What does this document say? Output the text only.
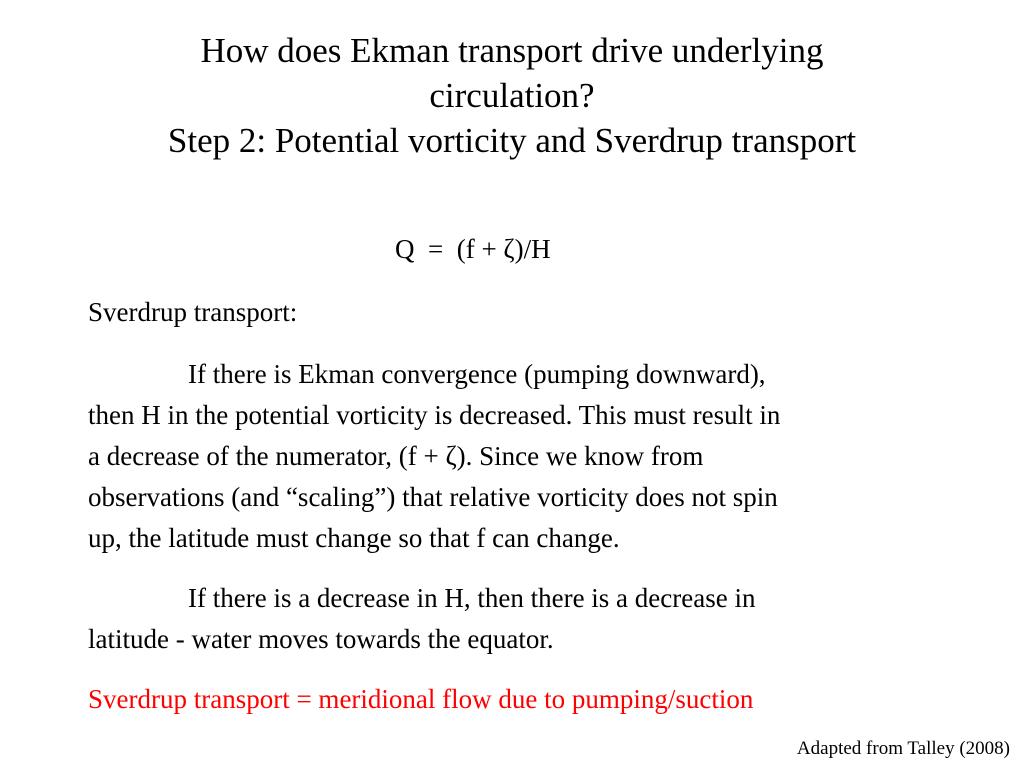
How does Ekman transport drive underlying
circulation?
Step 2: Potential vorticity and Sverdrup transport
Q  =  (f + ζ)/H
Sverdrup transport:
If there is Ekman convergence (pumping downward),
then H in the potential vorticity is decreased. This must result in
a decrease of the numerator, (f + ζ). Since we know from
observations (and “scaling”) that relative vorticity does not spin
up, the latitude must change so that f can change.
If there is a decrease in H, then there is a decrease in
latitude - water moves towards the equator.
Sverdrup transport = meridional flow due to pumping/suction
Adapted from Talley (2008)
